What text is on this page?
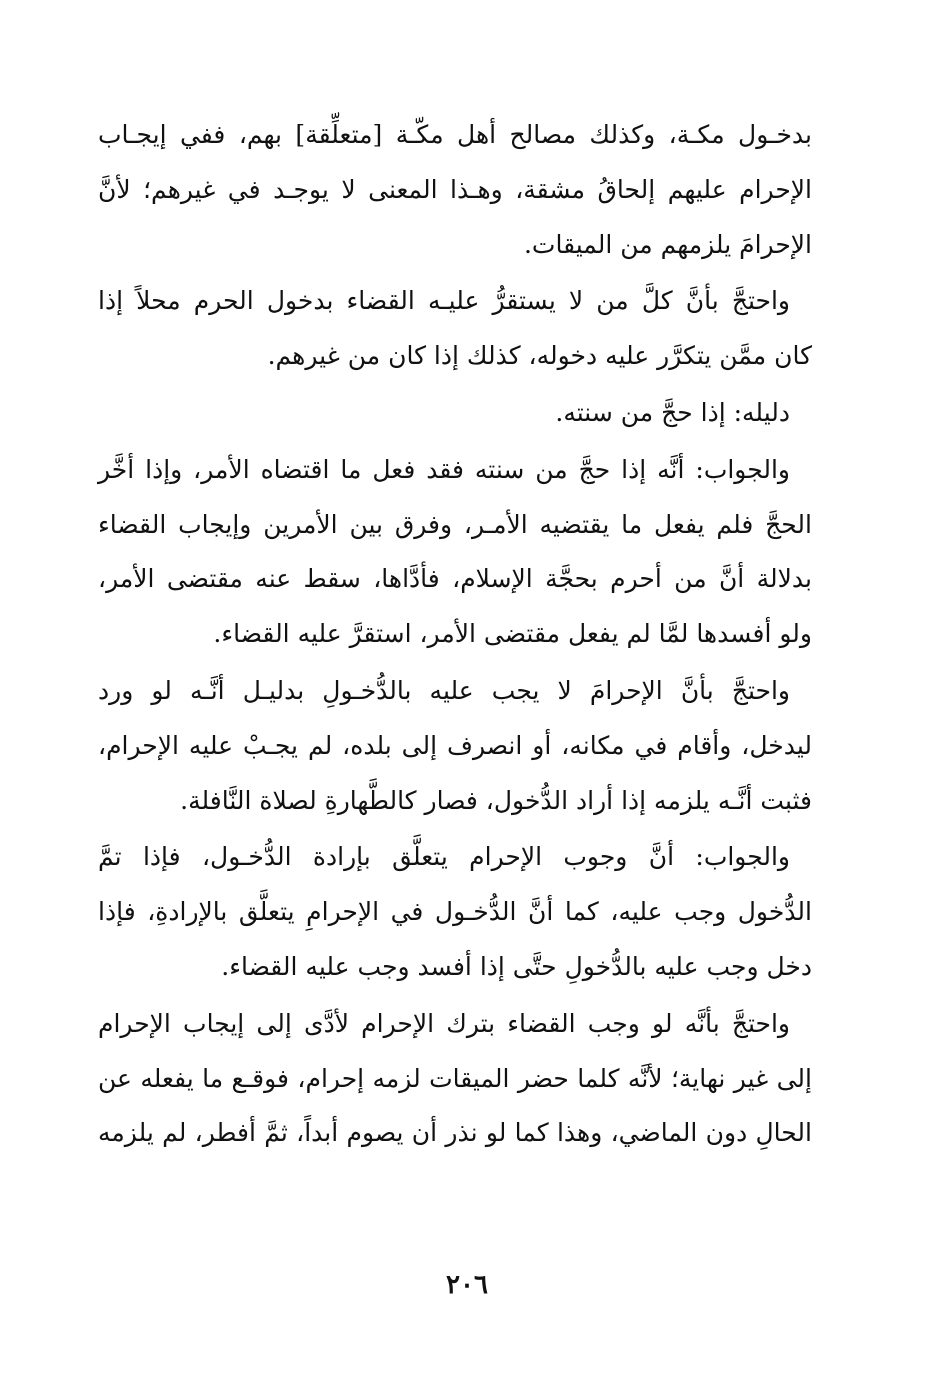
بدخـول مكـة، وكذلك مصالح أهل مكّـة [متعلِّقة] بهم، ففي إيجـاب
الإحرام عليهم إلحاقُ مشقة، وهـذا المعنى لا يوجـد في غيرهم؛ لأنَّ
الإحرامَ يلزمهم من الميقات.
واحتجَّ بأنَّ كلَّ من لا يستقرُّ عليـه القضاء بدخول الحرم محلاً إذا
كان ممَّن يتكرَّر عليه دخوله، كذلك إذا كان من غيرهم.
دليله: إذا حجَّ من سنته.
والجواب: أنَّه إذا حجَّ من سنته فقد فعل ما اقتضاه الأمر، وإذا أخَّر
الحجَّ فلم يفعل ما يقتضيه الأمـر، وفرق بين الأمرين وإيجاب القضاء
بدلالة أنَّ من أحرم بحجَّة الإسلام، فأدَّاها، سقط عنه مقتضى الأمر،
ولو أفسدها لمَّا لم يفعل مقتضى الأمر، استقرَّ عليه القضاء.
واحتجَّ بأنَّ الإحرامَ لا يجب عليه بالدُّخـولِ بدليـل أنَّـه لو ورد
ليدخل، وأقام في مكانه، أو انصرف إلى بلده، لم يجـبْ عليه الإحرام،
فثبت أنَّـه يلزمه إذا أراد الدُّخول، فصار كالطَّهارةِ لصلاة النَّافلة.
والجواب: أنَّ وجوب الإحرام يتعلَّق بإرادة الدُّخـول، فإذا تمَّ
الدُّخول وجب عليه، كما أنَّ الدُّخـول في الإحرامِ يتعلَّق بالإرادةِ، فإذا
دخل وجب عليه بالدُّخولِ حتَّى إذا أفسد وجب عليه القضاء.
واحتجَّ بأنَّه لو وجب القضاء بترك الإحرام لأدَّى إلى إيجاب الإحرام
إلى غير نهاية؛ لأنَّه كلما حضر الميقات لزمه إحرام، فوقـع ما يفعله عن
الحالِ دون الماضي، وهذا كما لو نذر أن يصوم أبداً، ثمَّ أفطر، لم يلزمه
٢٠٦
